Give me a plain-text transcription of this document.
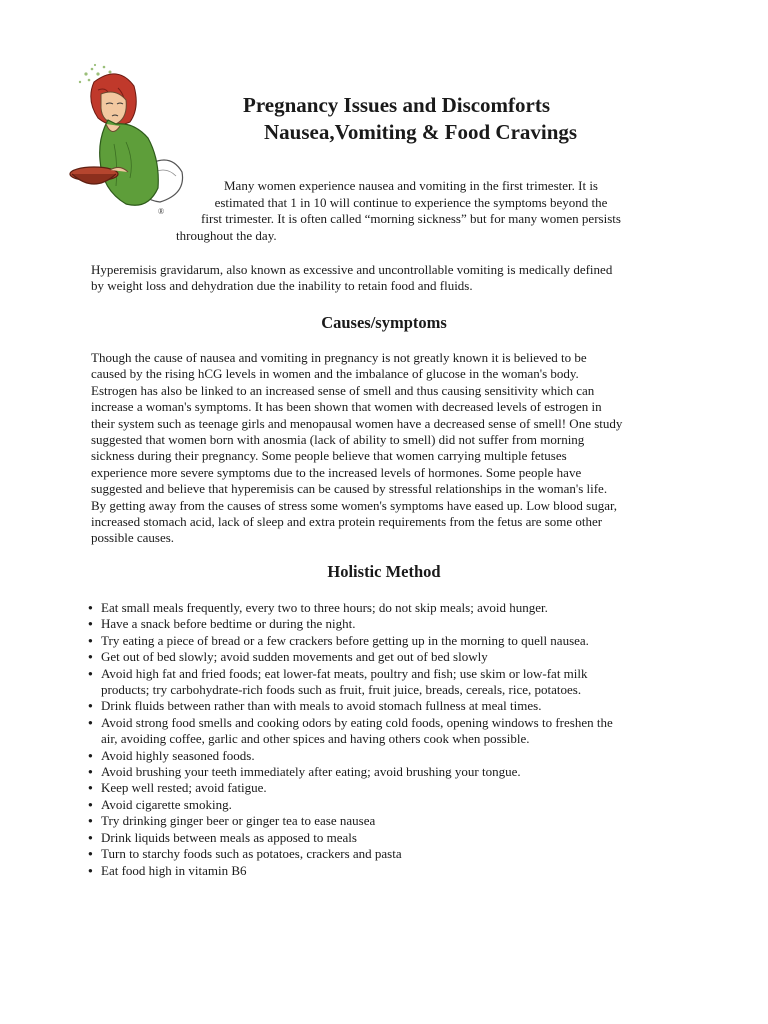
®
Pregnancy Issues and Discomforts
Nausea,Vomiting & Food Cravings

Many women experience nausea and vomiting in the first trimester. It is
estimated that 1 in 10 will continue to experience the symptoms beyond the
first trimester. It is often called “morning sickness” but for many women persists
throughout the day.

Hyperemisis gravidarum, also known as excessive and uncontrollable vomiting is medically defined
by weight loss and dehydration due the inability to retain food and fluids.

Causes/symptoms

Though the cause of nausea and vomiting in pregnancy is not greatly known it is believed to be
caused by the rising hCG levels in women and the imbalance of glucose in the woman's body.
Estrogen has also be linked to an increased sense of smell and thus causing sensitivity which can
increase a woman's symptoms. It has been shown that women with decreased levels of estrogen in
their system such as teenage girls and menopausal women have a decreased sense of smell! One study
suggested that women born with anosmia (lack of ability to smell) did not suffer from morning
sickness during their pregnancy. Some people believe that women carrying multiple fetuses
experience more severe symptoms due to the increased levels of hormones. Some people have
suggested and believe that hyperemisis can be caused by stressful relationships in the woman's life.
By getting away from the causes of stress some women's symptoms have eased up. Low blood sugar,
increased stomach acid, lack of sleep and extra protein requirements from the fetus are some other
possible causes.

Holistic Method
● Eat small meals frequently, every two to three hours; do not skip meals; avoid hunger.
● Have a snack before bedtime or during the night.
● Try eating a piece of bread or a few crackers before getting up in the morning to quell nausea.
● Get out of bed slowly; avoid sudden movements and get out of bed slowly
● Avoid high fat and fried foods; eat lower-fat meats, poultry and fish; use skim or low-fat milk
products; try carbohydrate-rich foods such as fruit, fruit juice, breads, cereals, rice, potatoes.
● Drink fluids between rather than with meals to avoid stomach fullness at meal times.
● Avoid strong food smells and cooking odors by eating cold foods, opening windows to freshen the
air, avoiding coffee, garlic and other spices and having others cook when possible.
● Avoid highly seasoned foods.
● Avoid brushing your teeth immediately after eating; avoid brushing your tongue.
● Keep well rested; avoid fatigue.
● Avoid cigarette smoking.
● Try drinking ginger beer or ginger tea to ease nausea
● Drink liquids between meals as apposed to meals
● Turn to starchy foods such as potatoes, crackers and pasta
● Eat food high in vitamin B6
